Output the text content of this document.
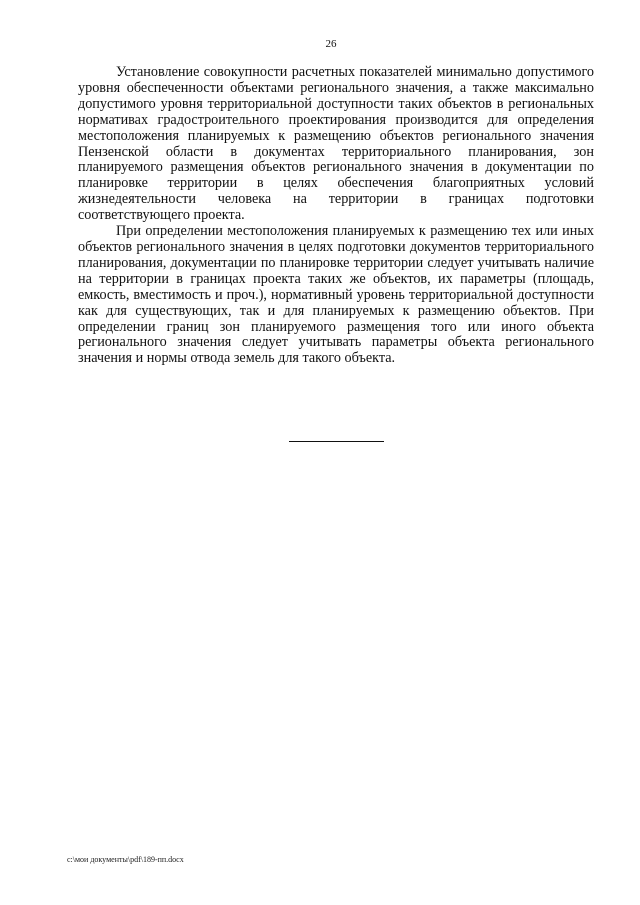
26

Установление совокупности расчетных показателей минимально допустимого уровня обеспеченности объектами регионального значения, а также максимально допустимого уровня территориальной доступности таких объектов в региональных нормативах градостроительного проектирования производится для определения местоположения планируемых к размещению объектов регионального значения Пензенской области в документах территориального планирования, зон планируемого размещения объектов регионального значения в документации по планировке территории в целях обеспечения благоприятных условий жизнедеятельности человека на территории в границах подготовки соответствующего проекта.

При определении местоположения планируемых к размещению тех или иных объектов регионального значения в целях подготовки документов территориального планирования, документации по планировке территории следует учитывать наличие на территории в границах проекта таких же объектов, их параметры (площадь, емкость, вместимость и проч.), нормативный уровень территориальной доступности как для существующих, так и для планируемых к размещению объектов. При определении границ зон планируемого размещения того или иного объекта регионального значения следует учитывать параметры объекта регионального значения и нормы отвода земель для такого объекта.

c:\мои документы\pdf\189-пп.docx
